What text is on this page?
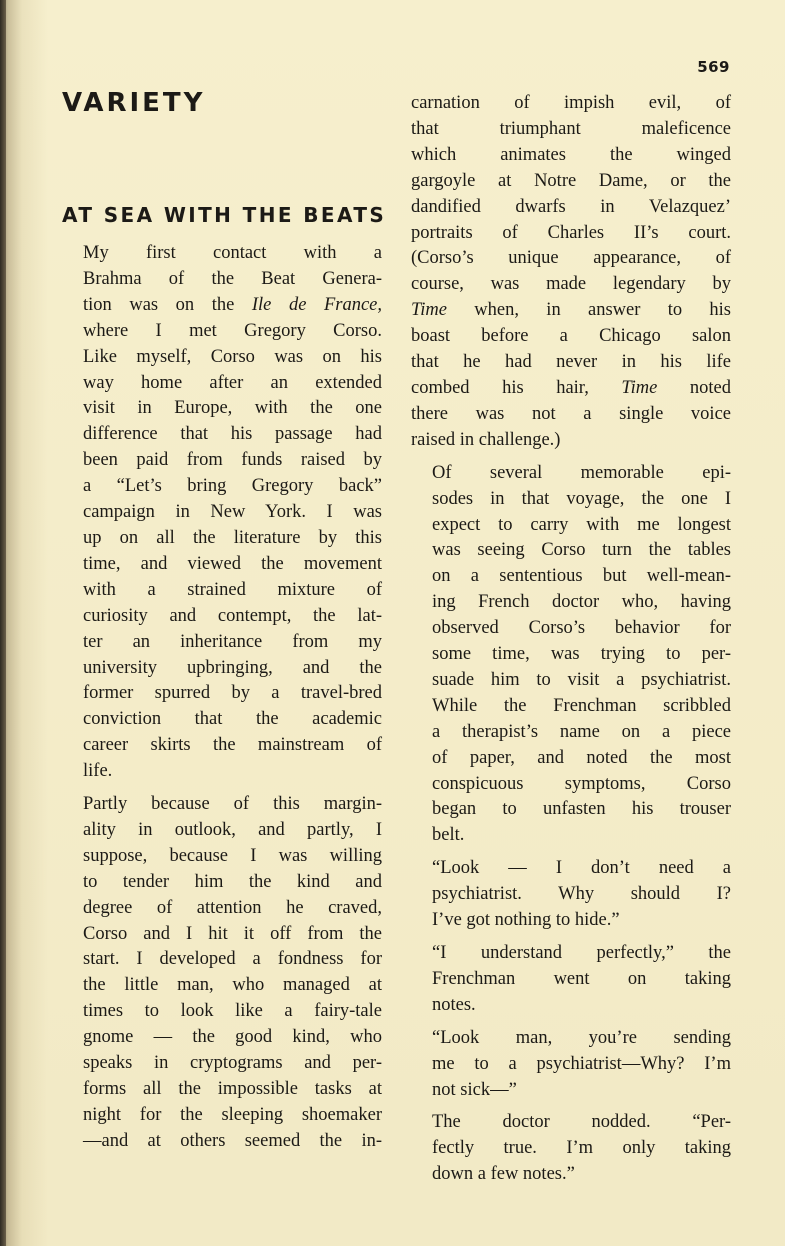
569
VARIETY
AT SEA WITH THE BEATS

My first contact with a
Brahma of the Beat Genera-
tion was on the Ile de France,
where I met Gregory Corso.
Like myself, Corso was on his
way home after an extended
visit in Europe, with the one
difference that his passage had
been paid from funds raised by
a “Let’s bring Gregory back”
campaign in New York. I was
up on all the literature by this
time, and viewed the movement
with a strained mixture of
curiosity and contempt, the lat-
ter an inheritance from my
university upbringing, and the
former spurred by a travel-bred
conviction that the academic
career skirts the mainstream of
life.

Partly because of this margin-
ality in outlook, and partly, I
suppose, because I was willing
to tender him the kind and
degree of attention he craved,
Corso and I hit it off from the
start. I developed a fondness for
the little man, who managed at
times to look like a fairy-tale
gnome — the good kind, who
speaks in cryptograms and per-
forms all the impossible tasks at
night for the sleeping shoemaker
—and at others seemed the in-

carnation of impish evil, of
that triumphant maleficence
which animates the winged
gargoyle at Notre Dame, or the
dandified dwarfs in Velazquez’
portraits of Charles II’s court.
(Corso’s unique appearance, of
course, was made legendary by
Time when, in answer to his
boast before a Chicago salon
that he had never in his life
combed his hair, Time noted
there was not a single voice
raised in challenge.)

Of several memorable epi-
sodes in that voyage, the one I
expect to carry with me longest
was seeing Corso turn the tables
on a sententious but well-mean-
ing French doctor who, having
observed Corso’s behavior for
some time, was trying to per-
suade him to visit a psychiatrist.
While the Frenchman scribbled
a therapist’s name on a piece
of paper, and noted the most
conspicuous symptoms, Corso
began to unfasten his trouser
belt.

“Look — I don’t need a
psychiatrist. Why should I?
I’ve got nothing to hide.”

“I understand perfectly,” the
Frenchman went on taking
notes.

“Look man, you’re sending
me to a psychiatrist—Why? I’m
not sick—”

The doctor nodded. “Per-
fectly true. I’m only taking
down a few notes.”
